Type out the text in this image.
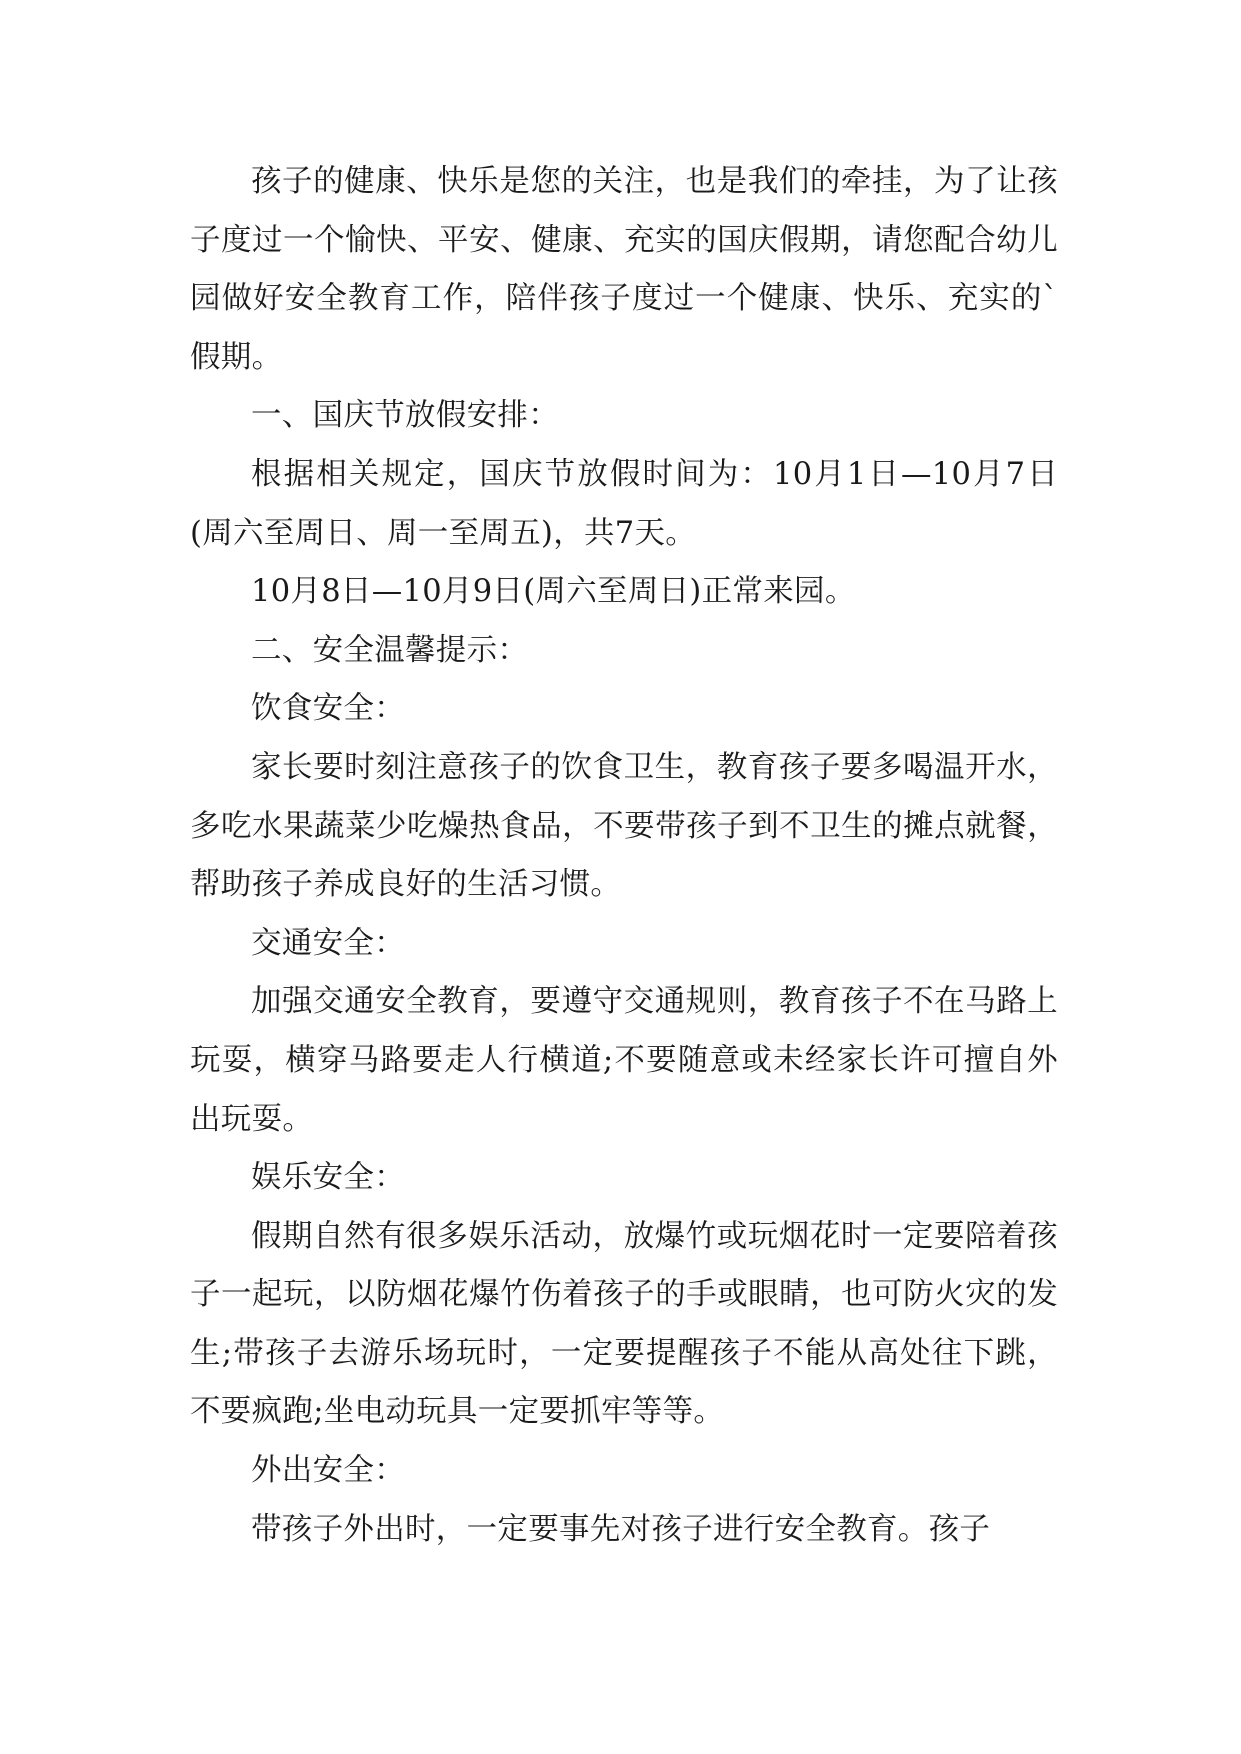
孩子的健康、快乐是您的关注，也是我们的牵挂，为了让孩子度过一个愉快、平安、健康、充实的国庆假期，请您配合幼儿园做好安全教育工作，陪伴孩子度过一个健康、快乐、充实的`假期。

一、国庆节放假安排：

根据相关规定，国庆节放假时间为：10月1日—10月7日(周六至周日、周一至周五)，共7天。

10月8日—10月9日(周六至周日)正常来园。

二、安全温馨提示：

饮食安全：

家长要时刻注意孩子的饮食卫生，教育孩子要多喝温开水，多吃水果蔬菜少吃燥热食品，不要带孩子到不卫生的摊点就餐，帮助孩子养成良好的生活习惯。

交通安全：

加强交通安全教育，要遵守交通规则，教育孩子不在马路上玩耍，横穿马路要走人行横道;不要随意或未经家长许可擅自外出玩耍。

娱乐安全：

假期自然有很多娱乐活动，放爆竹或玩烟花时一定要陪着孩子一起玩，以防烟花爆竹伤着孩子的手或眼睛，也可防火灾的发生;带孩子去游乐场玩时，一定要提醒孩子不能从高处往下跳，不要疯跑;坐电动玩具一定要抓牢等等。

外出安全：

带孩子外出时，一定要事先对孩子进行安全教育。孩子
